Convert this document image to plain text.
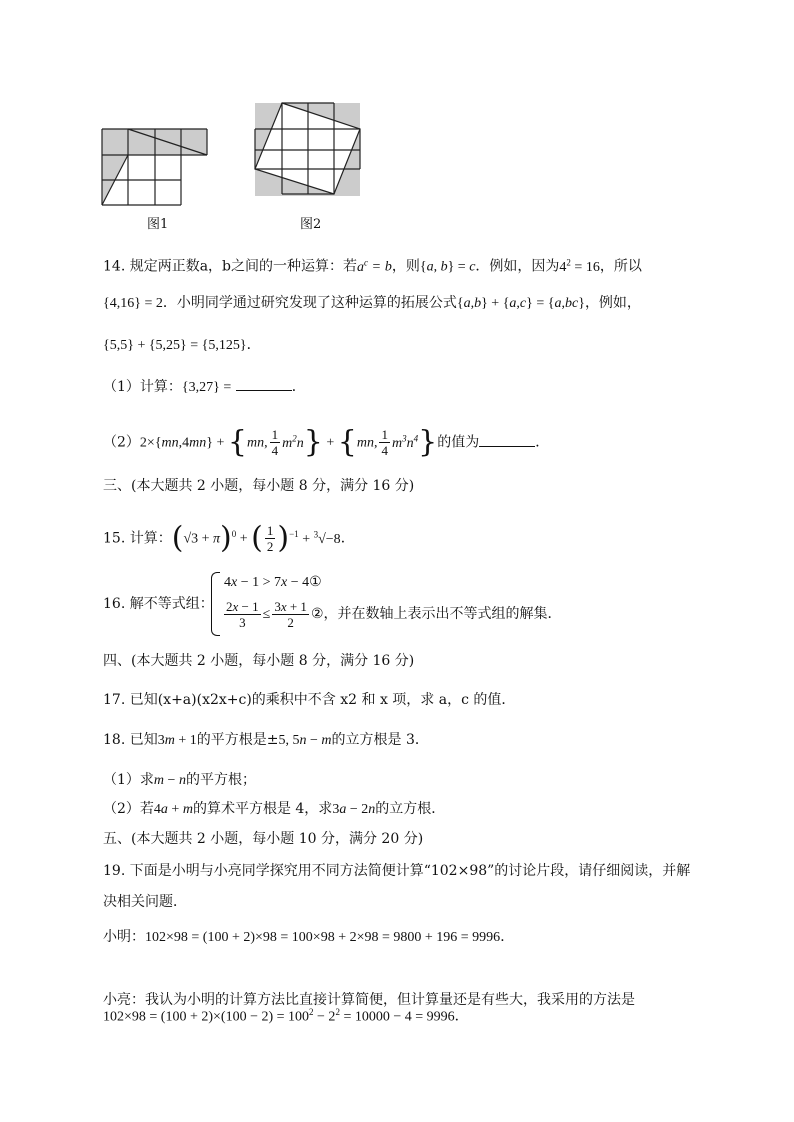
图1	图2
14. 规定两正数a，b之间的一种运算：若$a^c = b$，则{a, b} = c．例如，因为$4^2 = 16$，所以
{4,16} = 2．小明同学通过研究发现了这种运算的拓展公式{a,b} + {a,c} = {a,bc}，例如，
{5,5} + {5,25} = {5,125}．
（1）计算：{3,27} =	．
（2）2×{mn,4mn} + {mn, $\frac{1}{4} m^2n\} + \{mn$, $\frac{1}{4} m^3n^4$}的值为	．
三、(本大题共 2 小题，每小题 8 分，满分 16 分)
15. 计算：$(√3 + \pi)^0$ + ( $\frac{1}{2} )^{-1} + ^3√-8$．
16. 解不等式组：
4x − 1 > 7x − 4①
$\frac{2x - 1}{3} \le \frac{3x + 1}{2}$ ②，并在数轴上表示出不等式组的解集．
四、(本大题共 2 小题，每小题 8 分，满分 16 分)
17. 已知(x+a)(x2x+c)的乘积中不含 x2 和 x 项，求 a，c 的值．
18. 已知3m + 1的平方根是±5, 5n − m的立方根是 3．
（1）求m − n的平方根；
（2）若4a + m的算术平方根是 4，求3a − 2n的立方根．
五、(本大题共 2 小题，每小题 10 分，满分 20 分)
19. 下面是小明与小亮同学探究用不同方法简便计算“102×98”的讨论片段，请仔细阅读，并解
决相关问题．
小明：102×98 = (100 + 2)×98 = 100×98 + 2×98 = 9800 + 196 = 9996．
小亮：我认为小明的计算方法比直接计算简便，但计算量还是有些大，我采用的方法是
$102\times 98 = (100 + 2)\times(100 - 2) = 100^2 - 2^2 = 10000 - 4 = 9996$．
